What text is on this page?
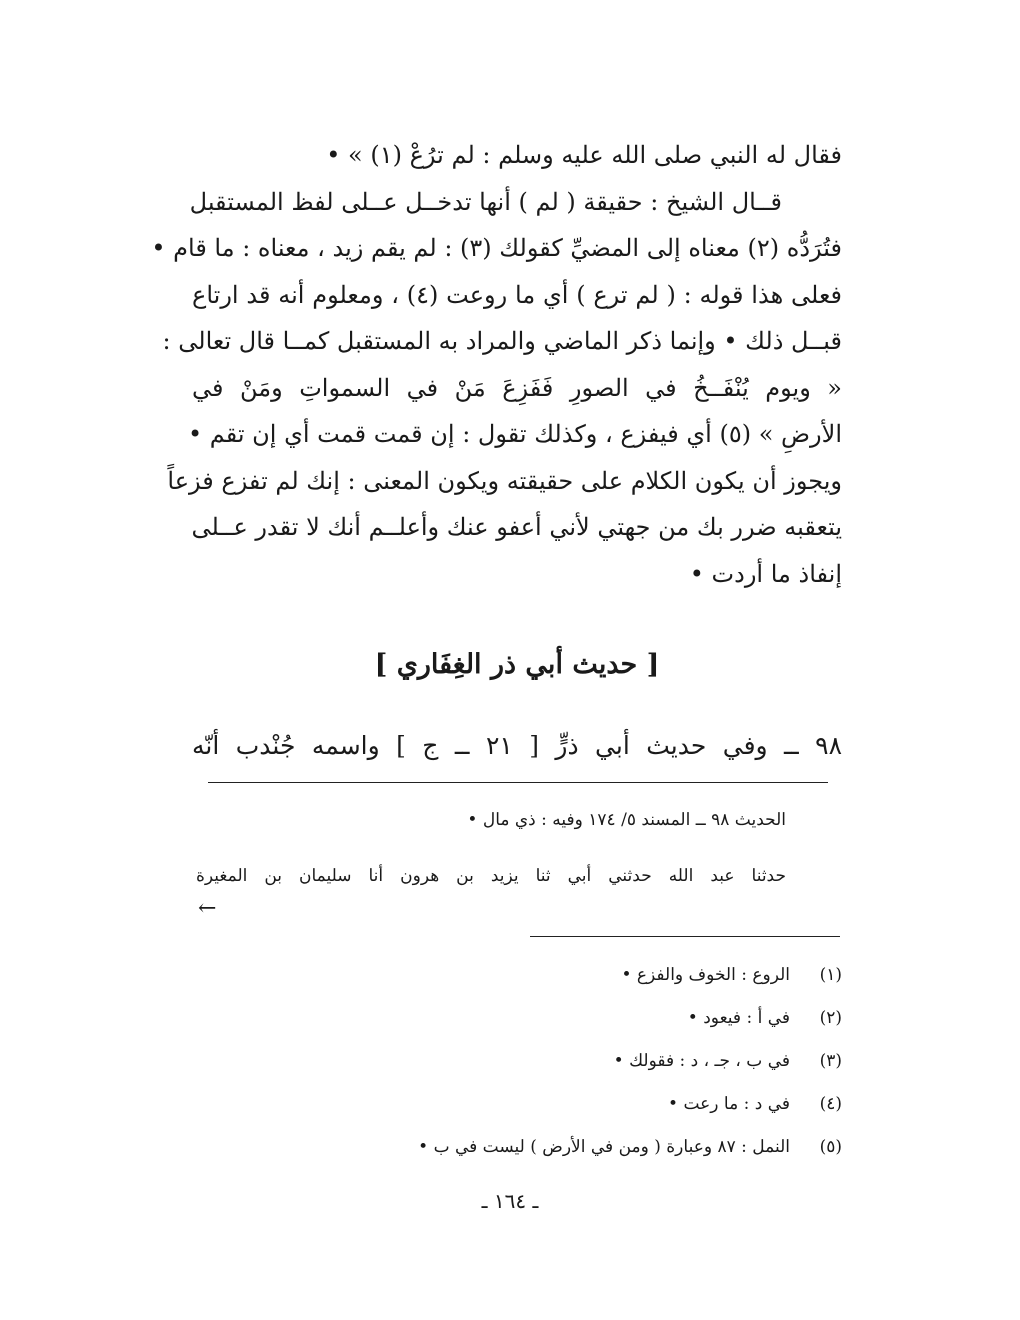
فقال له النبي صلى الله عليه وسلم : لم ترُعْ (١) » •
قــال الشيخ : حقيقة ( لم ) أنها تدخــل عــلى لفظ المستقبل
فتُرَدُّه (٢) معناه إلى المضيِّ كقولك (٣) : لم يقم زيد ، معناه : ما قام •
فعلى هذا قوله : ( لم ترع ) أي ما روعت (٤) ، ومعلوم أنه قد ارتاع
قبــل ذلك • وإنما ذكر الماضي والمراد به المستقبل كمــا قال تعالى :
« ويوم يُنْفَــخُ في الصورِ فَفَزِعَ مَنْ في السمواتِ ومَنْ في
الأرضِ » (٥) أي فيفزع ، وكذلك تقول : إن قمت قمت أي إن تقم •
ويجوز أن يكون الكلام على حقيقته ويكون المعنى : إنك لم تفزع فزعاً
يتعقبه ضرر بك من جهتي لأني أعفو عنك وأعلــم أنك لا تقدر عــلى
إنفاذ ما أردت •
[ حديث أبي ذر الغِفَاري ]
٩٨ ــ وفي حديث أبي ذرٍّ [ ٢١ ــ ج ] واسمه جُنْدب أنّه
الحديث ٩٨ ــ المسند ٥/ ١٧٤ وفيه : ذي مال •
حدثنا عبد الله حدثني أبي ثنا يزيد بن هرون أنا سليمان بن المغيرة
←
(١)الروع : الخوف والفزع •
(٢)في أ : فيعود •
(٣)في ب ، جـ ، د : فقولك •
(٤)في د : ما رعت •
(٥)النمل : ٨٧ وعبارة ( ومن في الأرض ) ليست في ب •
ـ ١٦٤ ـ
